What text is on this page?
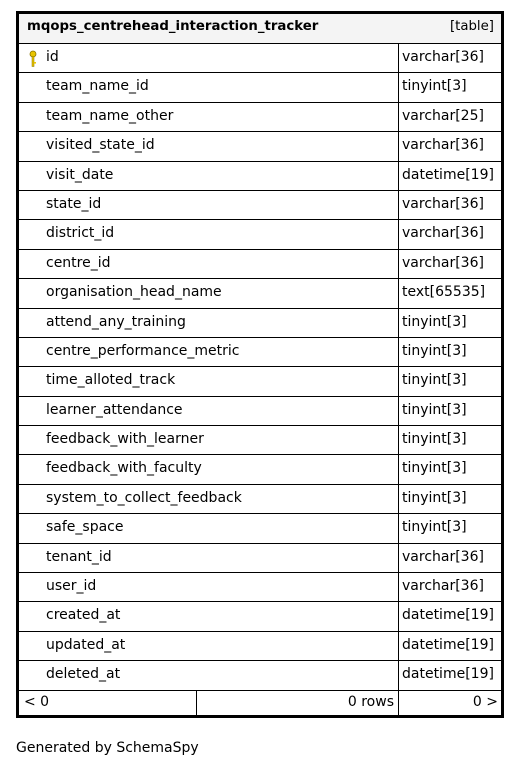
mqops_centrehead_interaction_tracker	[table]
id	varchar[36]
team_name_id	tinyint[3]
team_name_other	varchar[25]
visited_state_id	varchar[36]
visit_date	datetime[19]
state_id	varchar[36]
district_id	varchar[36]
centre_id	varchar[36]
organisation_head_name	text[65535]
attend_any_training	tinyint[3]
centre_performance_metric	tinyint[3]
time_alloted_track	tinyint[3]
learner_attendance	tinyint[3]
feedback_with_learner	tinyint[3]
feedback_with_faculty	tinyint[3]
system_to_collect_feedback	tinyint[3]
safe_space	tinyint[3]
tenant_id	varchar[36]
user_id	varchar[36]
created_at	datetime[19]
updated_at	datetime[19]
deleted_at	datetime[19]
< 0	0 rows	0 >
Generated by SchemaSpy
